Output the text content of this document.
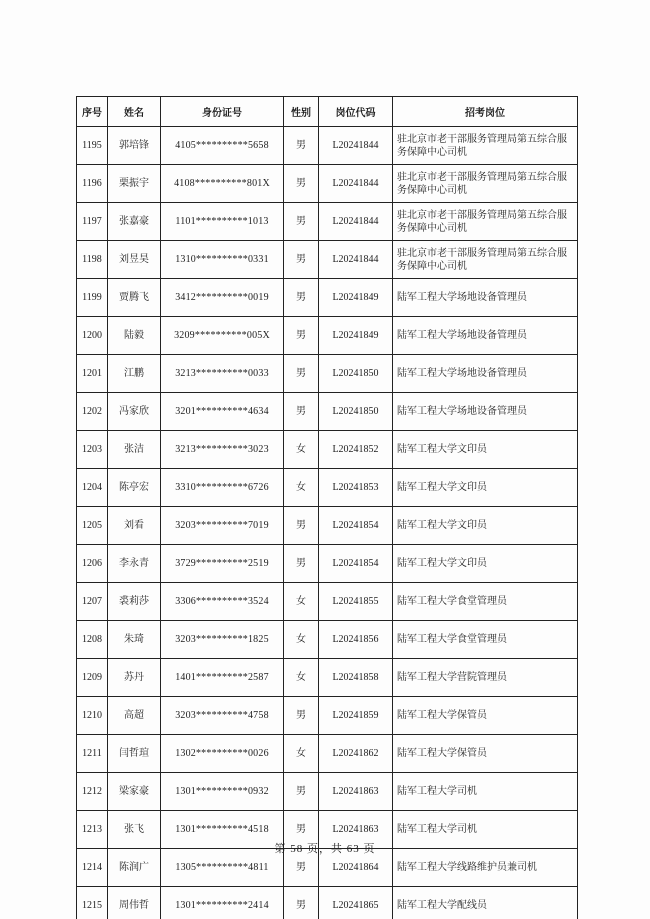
序号	姓名	身份证号	性别	岗位代码	招考岗位
1195	郭培锋	4105**********5658	男	L20241844	驻北京市老干部服务管理局第五综合服务保障中心司机
1196	栗振宇	4108**********801X	男	L20241844	驻北京市老干部服务管理局第五综合服务保障中心司机
1197	张嘉豪	1101**********1013	男	L20241844	驻北京市老干部服务管理局第五综合服务保障中心司机
1198	刘昱昊	1310**********0331	男	L20241844	驻北京市老干部服务管理局第五综合服务保障中心司机
1199	贾腾飞	3412**********0019	男	L20241849	陆军工程大学场地设备管理员
1200	陆毅	3209**********005X	男	L20241849	陆军工程大学场地设备管理员
1201	江鹏	3213**********0033	男	L20241850	陆军工程大学场地设备管理员
1202	冯家欣	3201**********4634	男	L20241850	陆军工程大学场地设备管理员
1203	张洁	3213**********3023	女	L20241852	陆军工程大学文印员
1204	陈亭宏	3310**********6726	女	L20241853	陆军工程大学文印员
1205	刘看	3203**********7019	男	L20241854	陆军工程大学文印员
1206	李永青	3729**********2519	男	L20241854	陆军工程大学文印员
1207	裘莉莎	3306**********3524	女	L20241855	陆军工程大学食堂管理员
1208	朱琦	3203**********1825	女	L20241856	陆军工程大学食堂管理员
1209	苏丹	1401**********2587	女	L20241858	陆军工程大学营院管理员
1210	高超	3203**********4758	男	L20241859	陆军工程大学保管员
1211	闫哲瑄	1302**********0026	女	L20241862	陆军工程大学保管员
1212	梁家豪	1301**********0932	男	L20241863	陆军工程大学司机
1213	张飞	1301**********4518	男	L20241863	陆军工程大学司机
1214	陈润广	1305**********4811	男	L20241864	陆军工程大学线路维护员兼司机
1215	周伟哲	1301**********2414	男	L20241865	陆军工程大学配线员
第 58 页，共 63 页
